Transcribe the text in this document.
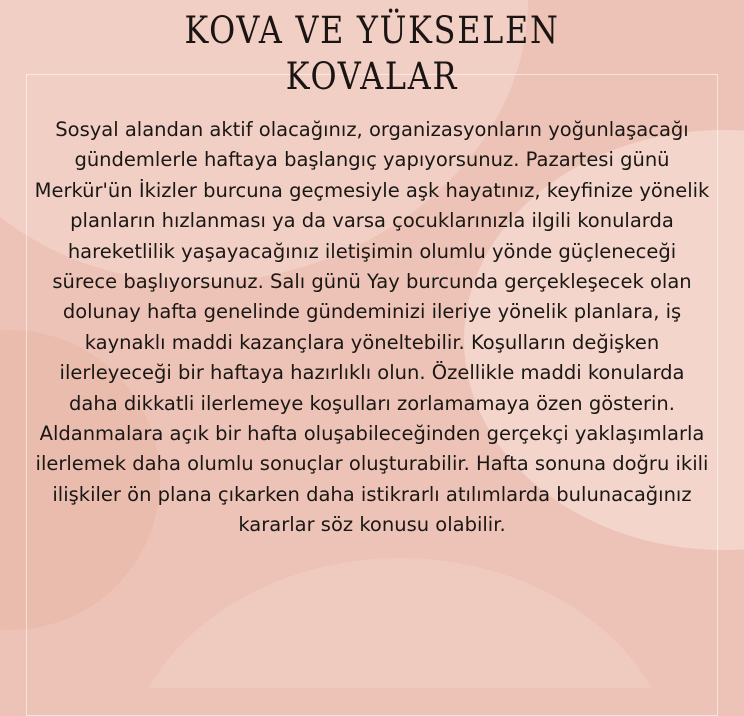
KOVA VE YÜKSELEN
KOVALAR

Sosyal alandan aktif olacağınız, organizasyonların yoğunlaşacağı gündemlerle haftaya başlangıç yapıyorsunuz. Pazartesi günü Merkür'ün İkizler burcuna geçmesiyle aşk hayatınız, keyfinize yönelik planların hızlanması ya da varsa çocuklarınızla ilgili konularda hareketlilik yaşayacağınız iletişimin olumlu yönde güçleneceği sürece başlıyorsunuz. Salı günü Yay burcunda gerçekleşecek olan dolunay hafta genelinde gündeminizi ileriye yönelik planlara, iş kaynaklı maddi kazançlara yöneltebilir. Koşulların değişken ilerleyeceği bir haftaya hazırlıklı olun. Özellikle maddi konularda daha dikkatli ilerlemeye koşulları zorlamamaya özen gösterin. Aldanmalara açık bir hafta oluşabileceğinden gerçekçi yaklaşımlarla ilerlemek daha olumlu sonuçlar oluşturabilir. Hafta sonuna doğru ikili ilişkiler ön plana çıkarken daha istikrarlı atılımlarda bulunacağınız kararlar söz konusu olabilir.
